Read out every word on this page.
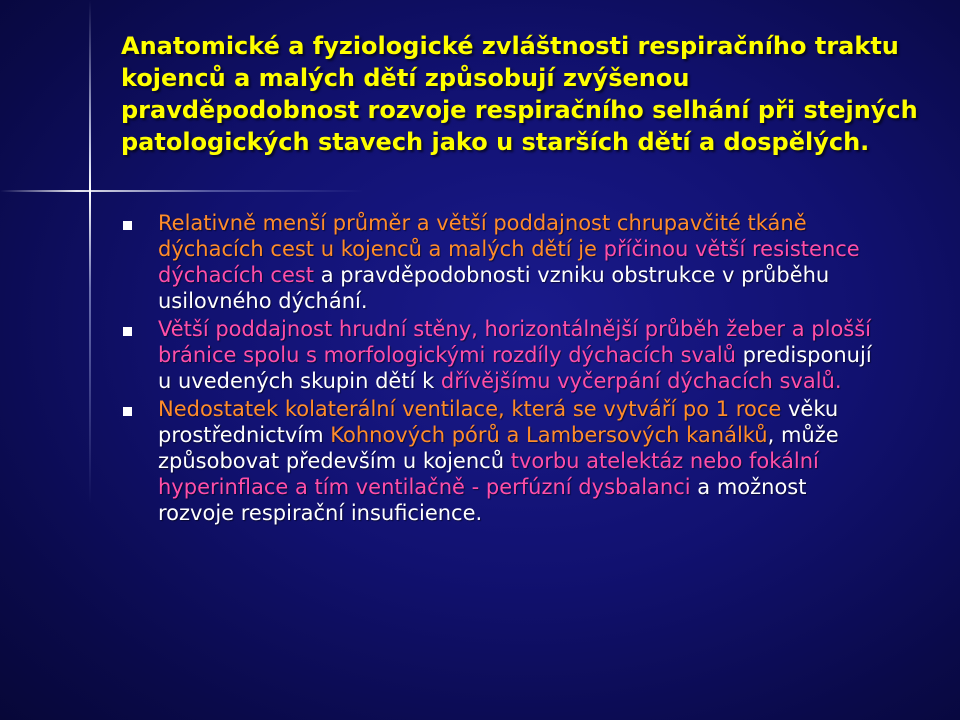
Anatomické a fyziologické zvláštnosti respiračního traktu kojenců a malých dětí způsobují zvýšenou pravděpodobnost rozvoje respiračního selhání při stejných patologických stavech jako u starších dětí a dospělých.

Relativně menší průměr a větší poddajnost chrupavčité tkáně dýchacích cest u kojenců a malých dětí je příčinou větší resistence dýchacích cest a pravděpodobnosti vzniku obstrukce v průběhu usilovného dýchání.
Větší poddajnost hrudní stěny, horizontálnější průběh žeber a plošší bránice spolu s morfologickými rozdíly dýchacích svalů predisponují u uvedených skupin dětí k dřívějšímu vyčerpání dýchacích svalů.
Nedostatek kolaterální ventilace, která se vytváří po 1 roce věku prostřednictvím Kohnových pórů a Lambersových kanálků, může způsobovat především u kojenců tvorbu atelektáz nebo fokální hyperinflace a tím ventilačně - perfúzní dysbalanci a možnost rozvoje respirační insuficience.
